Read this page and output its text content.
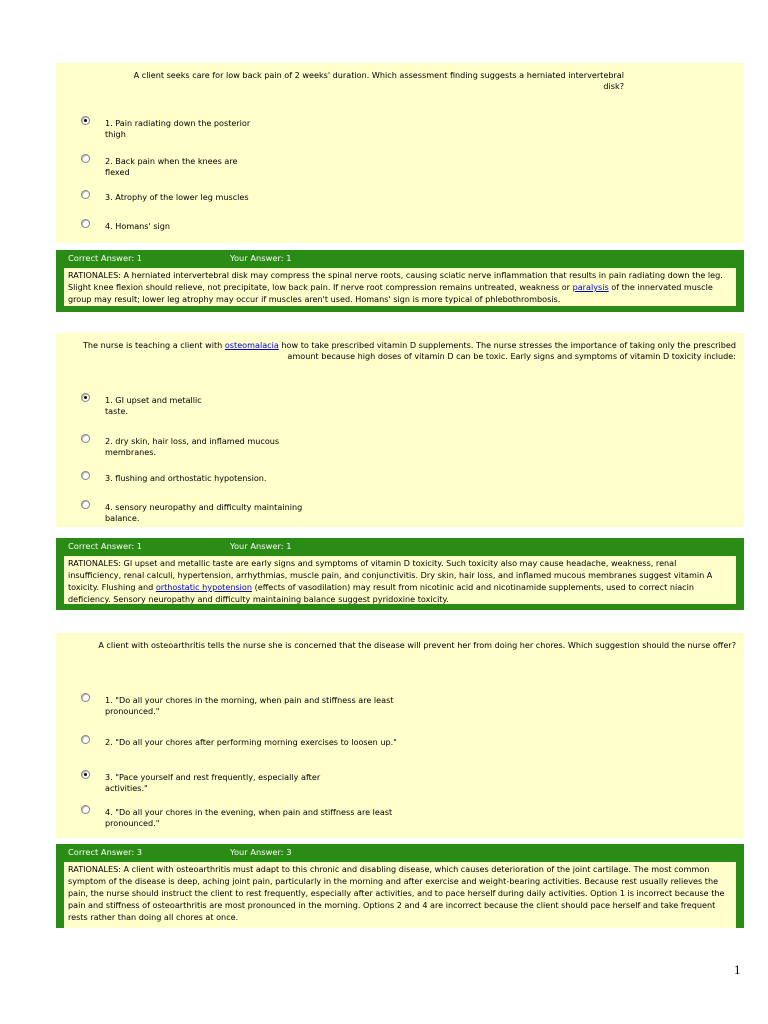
A client seeks care for low back pain of 2 weeks' duration. Which assessment finding suggests a herniated intervertebral
disk?
1. Pain radiating down the posterior thigh
2. Back pain when the knees are flexed
3. Atrophy of the lower leg muscles
4. Homans' sign
Correct Answer: 1	Your Answer: 1
RATIONALES: A herniated intervertebral disk may compress the spinal nerve roots, causing sciatic nerve inflammation that results in pain radiating down the leg. Slight knee flexion should relieve, not precipitate, low back pain. If nerve root compression remains untreated, weakness or paralysis of the innervated muscle group may result; lower leg atrophy may occur if muscles aren't used. Homans' sign is more typical of phlebothrombosis.
The nurse is teaching a client with osteomalacia how to take prescribed vitamin D supplements. The nurse stresses the importance of taking only the prescribed amount because high doses of vitamin D can be toxic. Early signs and symptoms of vitamin D toxicity include:
1. GI upset and metallic taste.
2. dry skin, hair loss, and inflamed mucous membranes.
3. flushing and orthostatic hypotension.
4. sensory neuropathy and difficulty maintaining balance.
Correct Answer: 1	Your Answer: 1
RATIONALES: GI upset and metallic taste are early signs and symptoms of vitamin D toxicity. Such toxicity also may cause headache, weakness, renal insufficiency, renal calculi, hypertension, arrhythmias, muscle pain, and conjunctivitis. Dry skin, hair loss, and inflamed mucous membranes suggest vitamin A toxicity. Flushing and orthostatic hypotension (effects of vasodilation) may result from nicotinic acid and nicotinamide supplements, used to correct niacin deficiency. Sensory neuropathy and difficulty maintaining balance suggest pyridoxine toxicity.
A client with osteoarthritis tells the nurse she is concerned that the disease will prevent her from doing her chores. Which suggestion should the nurse offer?
1. "Do all your chores in the morning, when pain and stiffness are least pronounced."
2. "Do all your chores after performing morning exercises to loosen up."
3. "Pace yourself and rest frequently, especially after activities."
4. "Do all your chores in the evening, when pain and stiffness are least pronounced."
Correct Answer: 3	Your Answer: 3
RATIONALES: A client with osteoarthritis must adapt to this chronic and disabling disease, which causes deterioration of the joint cartilage. The most common symptom of the disease is deep, aching joint pain, particularly in the morning and after exercise and weight-bearing activities. Because rest usually relieves the pain, the nurse should instruct the client to rest frequently, especially after activities, and to pace herself during daily activities. Option 1 is incorrect because the pain and stiffness of osteoarthritis are most pronounced in the morning. Options 2 and 4 are incorrect because the client should pace herself and take frequent rests rather than doing all chores at once.
1
